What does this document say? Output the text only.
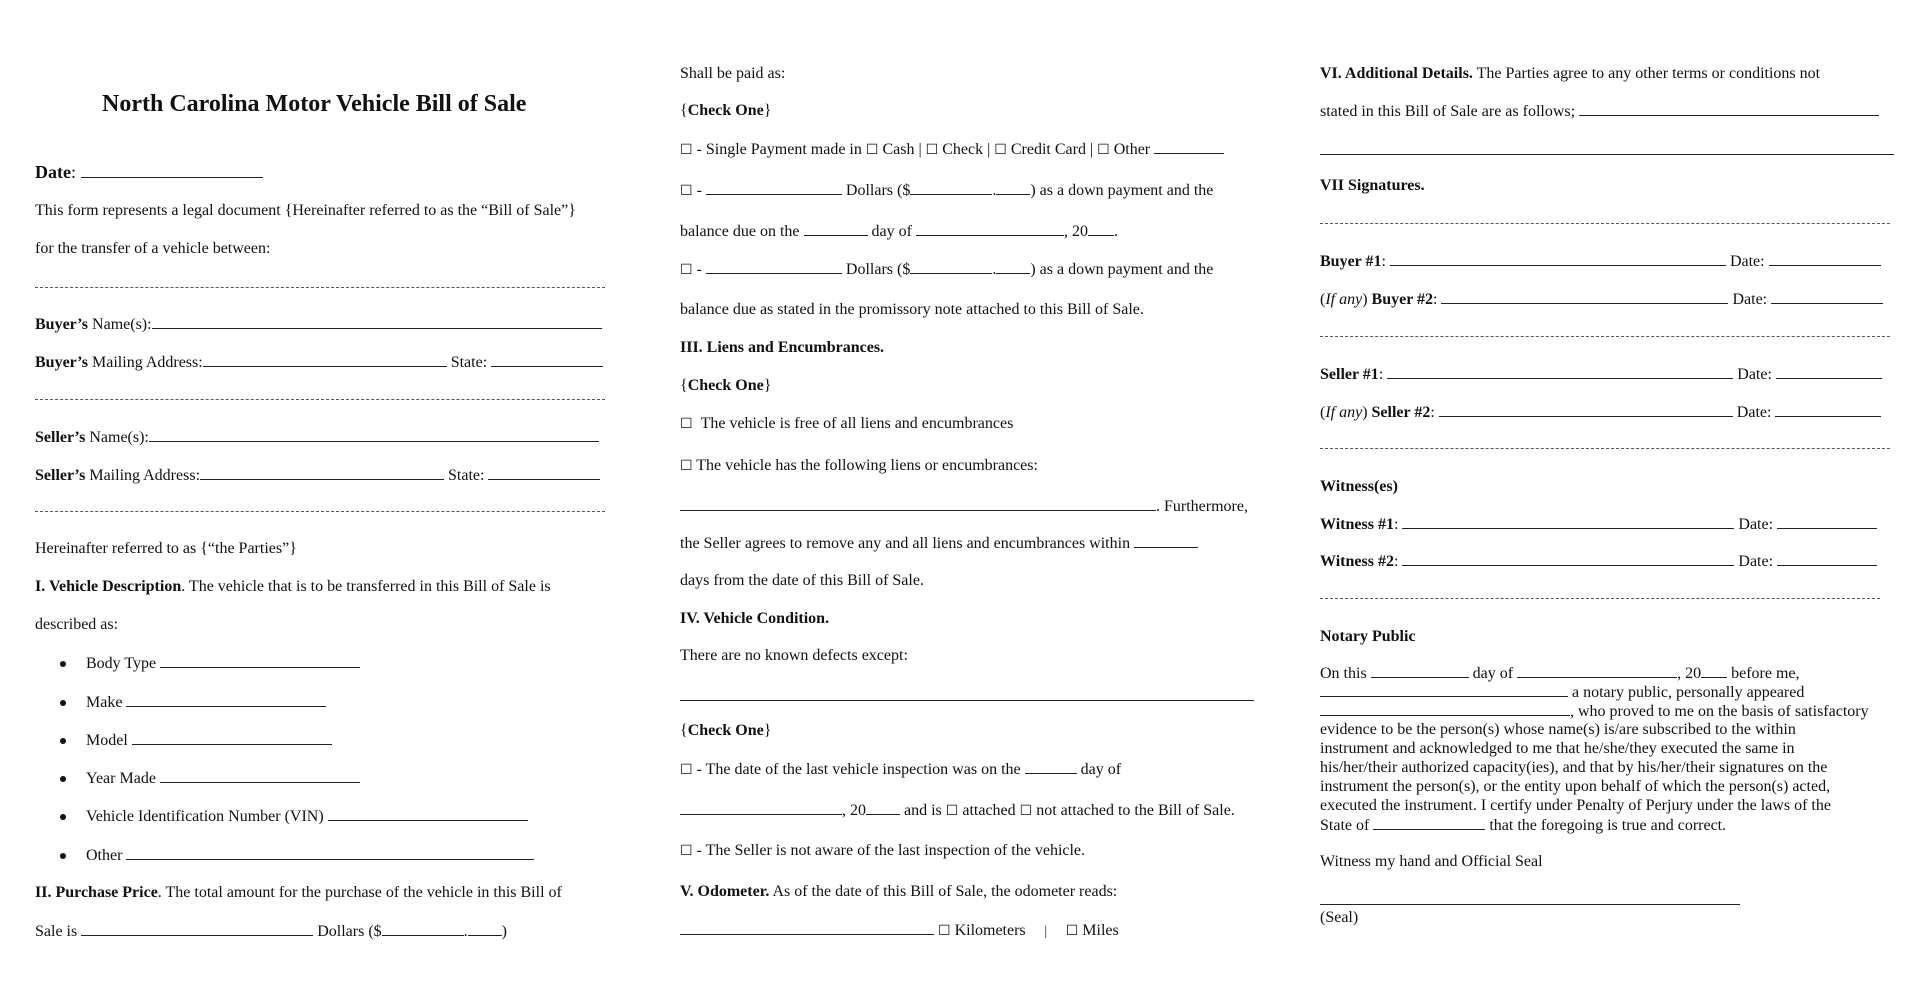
North Carolina Motor Vehicle Bill of Sale
Date:
This form represents a legal document {Hereinafter referred to as the “Bill of Sale”}
for the transfer of a vehicle between:
Buyer’s Name(s):
Buyer’s Mailing Address:	State:
Seller’s Name(s):
Seller’s Mailing Address:	State:
Hereinafter referred to as {“the Parties”}
I. Vehicle Description. The vehicle that is to be transferred in this Bill of Sale is
described as:
Body Type
Make
Model
Year Made
Vehicle Identification Number (VIN)
Other
II. Purchase Price. The total amount for the purchase of the vehicle in this Bill of
Sale is	Dollars ($	. )
Shall be paid as:
{Check One}
☐ - Single Payment made in ☐ Cash | ☐ Check | ☐ Credit Card | ☐ Other
☐ -	Dollars ($	. ) as a down payment and the
balance due on the	day of	, 20 .
☐ -	Dollars ($	. ) as a down payment and the
balance due as stated in the promissory note attached to this Bill of Sale.
III. Liens and Encumbrances.
{Check One}
☐ The vehicle is free of all liens and encumbrances
☐ The vehicle has the following liens or encumbrances:
. Furthermore,
the Seller agrees to remove any and all liens and encumbrances within
days from the date of this Bill of Sale.
IV. Vehicle Condition.
There are no known defects except:
{Check One}
☐ - The date of the last vehicle inspection was on the	day of
, 20 and is ☐ attached ☐ not attached to the Bill of Sale.
☐ - The Seller is not aware of the last inspection of the vehicle.
V. Odometer. As of the date of this Bill of Sale, the odometer reads:
☐ Kilometers | ☐ Miles
VI. Additional Details. The Parties agree to any other terms or conditions not
stated in this Bill of Sale are as follows;
VII Signatures.
Buyer #1:	Date:
(If any) Buyer #2:	Date:
Seller #1:	Date:
(If any) Seller #2:	Date:
Witness(es)
Witness #1:	Date:
Witness #2:	Date:
Notary Public
On this	day of	, 20 before me,
a notary public, personally appeared
, who proved to me on the basis of satisfactory
evidence to be the person(s) whose name(s) is/are subscribed to the within
instrument and acknowledged to me that he/she/they executed the same in
his/her/their authorized capacity(ies), and that by his/her/their signatures on the
instrument the person(s), or the entity upon behalf of which the person(s) acted,
executed the instrument. I certify under Penalty of Perjury under the laws of the
State of	that the foregoing is true and correct.
Witness my hand and Official Seal
(Seal)
